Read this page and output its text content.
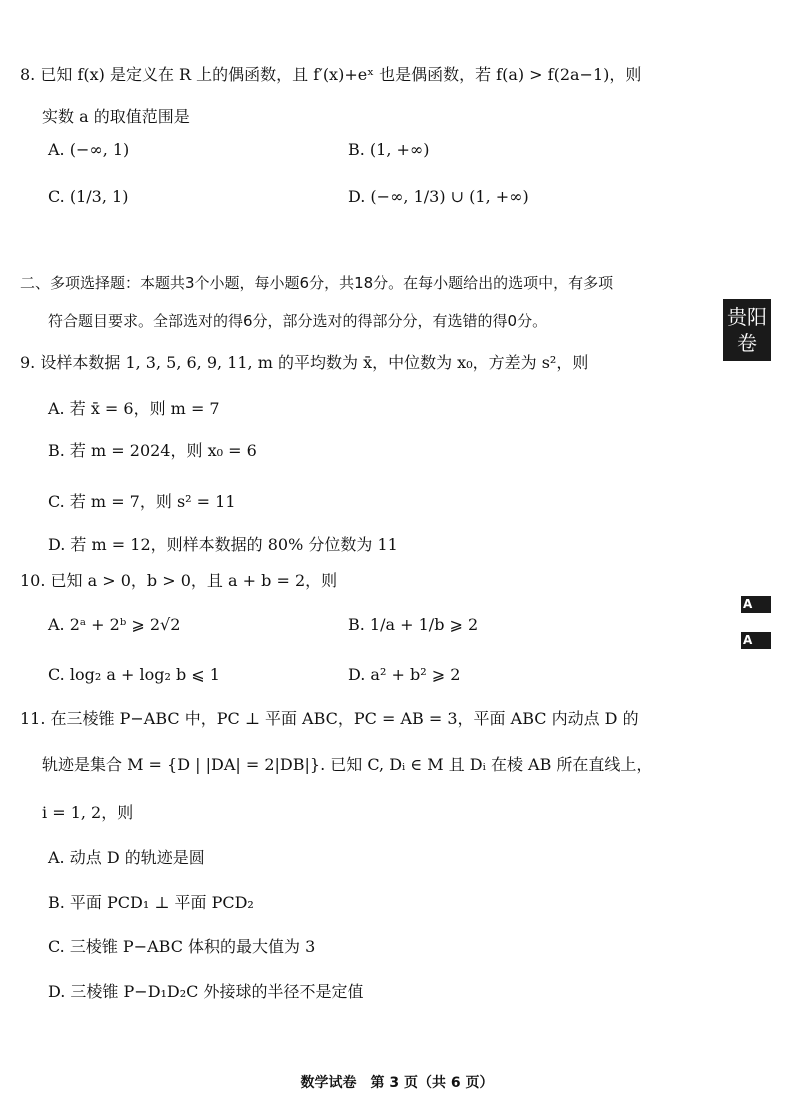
8. 已知 f(x) 是定义在 R 上的偶函数，且 f′(x)+eˣ 也是偶函数，若 f(a) > f(2a−1)，则
实数 a 的取值范围是
A. (−∞, 1)	B. (1, +∞)
C. (1/3, 1)	D. (−∞, 1/3) ∪ (1, +∞)
二、多项选择题：本题共3个小题，每小题6分，共18分。在每小题给出的选项中，有多项
符合题目要求。全部选对的得6分，部分选对的得部分分，有选错的得0分。	贵阳
卷
9. 设样本数据 1, 3, 5, 6, 9, 11, m 的平均数为 x̄，中位数为 x₀，方差为 s²，则
A. 若 x̄ = 6，则 m = 7
B. 若 m = 2024，则 x₀ = 6
C. 若 m = 7，则 s² = 11
D. 若 m = 12，则样本数据的 80% 分位数为 11
10. 已知 a > 0，b > 0，且 a + b = 2，则
A. 2ᵃ + 2ᵇ ⩾ 2√2	B. 1/a + 1/b ⩾ 2
C. log₂ a + log₂ b ⩽ 1	D. a² + b² ⩾ 2
A
A
11. 在三棱锥 P−ABC 中，PC ⊥ 平面 ABC，PC = AB = 3，平面 ABC 内动点 D 的
轨迹是集合 M = {D | |DA| = 2|DB|}. 已知 C, Dᵢ ∈ M 且 Dᵢ 在棱 AB 所在直线上，
i = 1, 2，则
A. 动点 D 的轨迹是圆
B. 平面 PCD₁ ⊥ 平面 PCD₂
C. 三棱锥 P−ABC 体积的最大值为 3
D. 三棱锥 P−D₁D₂C 外接球的半径不是定值
数学试卷　第 3 页（共 6 页）
